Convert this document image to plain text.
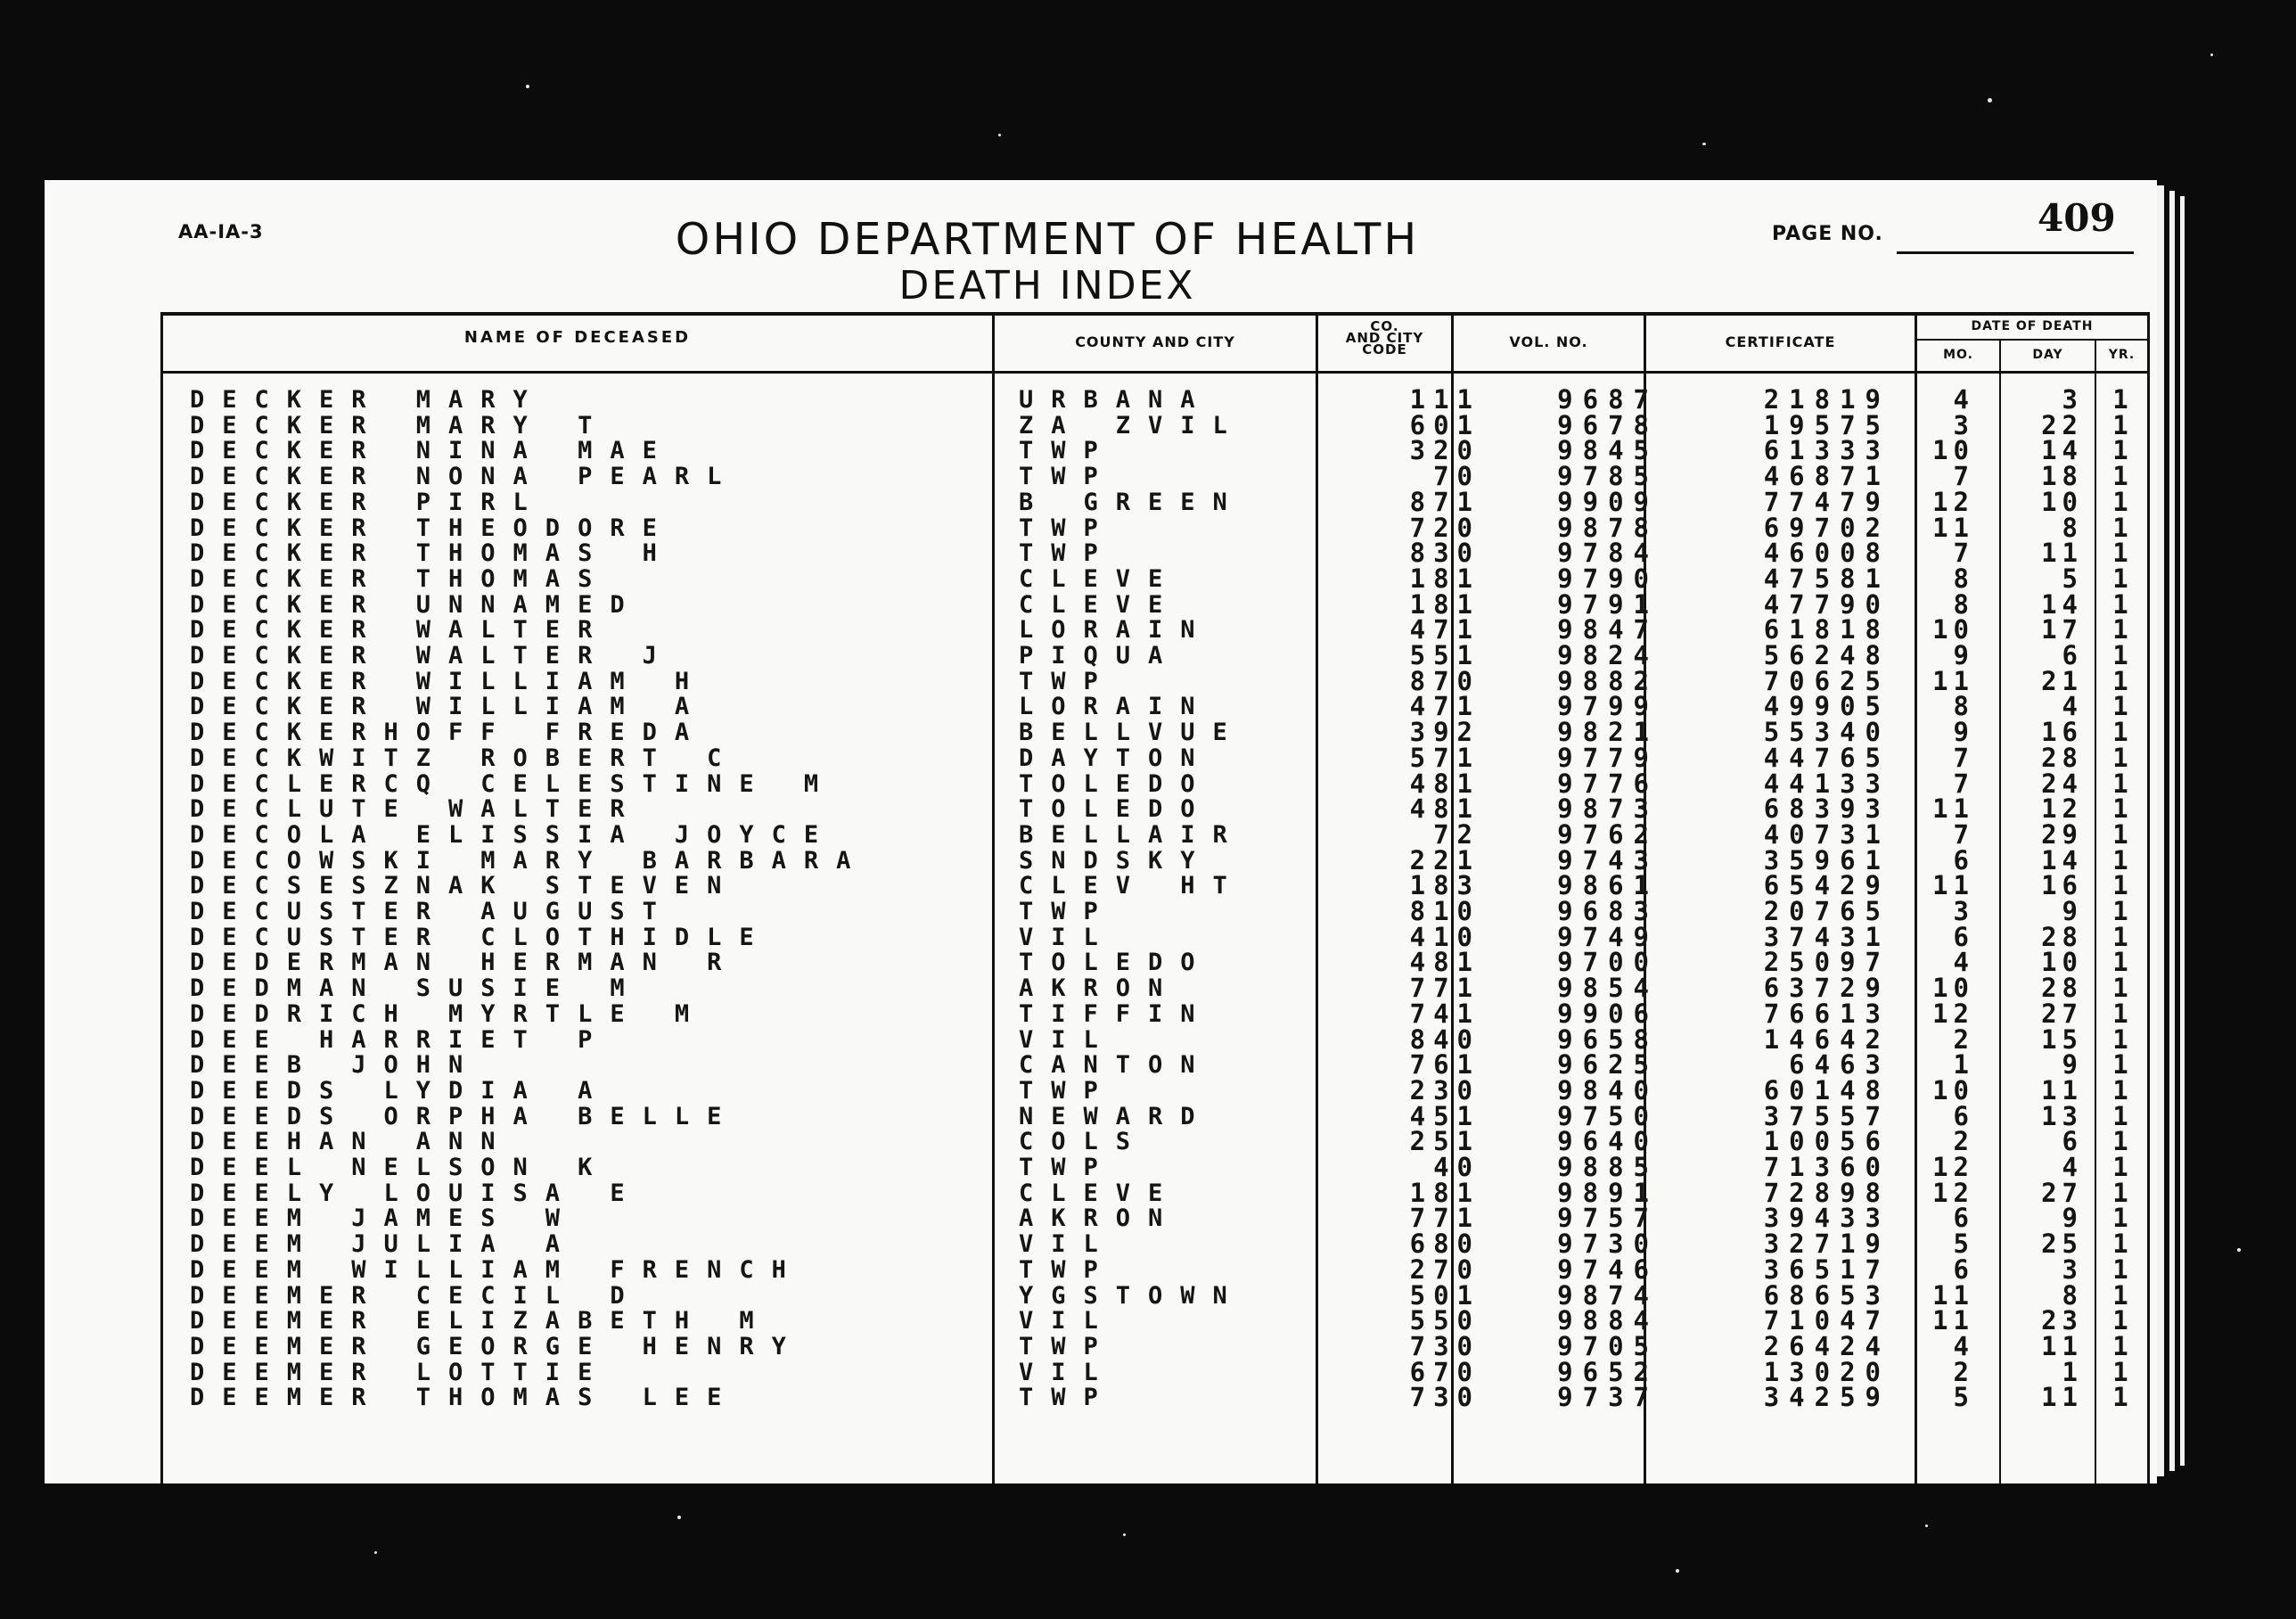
AA-IA-3	OHIO DEPARTMENT OF HEALTH
DEATH INDEX
PAGE NO.	409
NAME OF DECEASED	COUNTY AND CITY
CO.
AND CITY
CODE	VOL. NO.	CERTIFICATE
DATE OF DEATH
MO.	DAY	YR.
DECKER MARY	URBANA	111	9687	21819	4	3	1
DECKER MARY T	ZA ZVIL	601	9678	19575	3	22	1
DECKER NINA MAE	TWP	320	9845	61333	10	14	1
DECKER NONA PEARL	TWP	70	9785	46871	7	18	1
DECKER PIRL	B GREEN	871	9909	77479	12	10	1
DECKER THEODORE	TWP	720	9878	69702	11	8	1
DECKER THOMAS H	TWP	830	9784	46008	7	11	1
DECKER THOMAS	CLEVE	181	9790	47581	8	5	1
DECKER UNNAMED	CLEVE	181	9791	47790	8	14	1
DECKER WALTER	LORAIN	471	9847	61818	10	17	1
DECKER WALTER J	PIQUA	551	9824	56248	9	6	1
DECKER WILLIAM H	TWP	870	9882	70625	11	21	1
DECKER WILLIAM A	LORAIN	471	9799	49905	8	4	1
DECKERHOFF FREDA	BELLVUE	392	9821	55340	9	16	1
DECKWITZ ROBERT C	DAYTON	571	9779	44765	7	28	1
DECLERCQ CELESTINE M	TOLEDO	481	9776	44133	7	24	1
DECLUTE WALTER	TOLEDO	481	9873	68393	11	12	1
DECOLA ELISSIA JOYCE	BELLAIR	72	9762	40731	7	29	1
DECOWSKI MARY BARBARA	SNDSKY	221	9743	35961	6	14	1
DECSESZNAK STEVEN	CLEV HT	183	9861	65429	11	16	1
DECUSTER AUGUST	TWP	810	9683	20765	3	9	1
DECUSTER CLOTHIDLE	VIL	410	9749	37431	6	28	1
DEDERMAN HERMAN R	TOLEDO	481	9700	25097	4	10	1
DEDMAN SUSIE M	AKRON	771	9854	63729	10	28	1
DEDRICH MYRTLE M	TIFFIN	741	9906	76613	12	27	1
DEE HARRIET P	VIL	840	9658	14642	2	15	1
DEEB JOHN	CANTON	761	9625	6463	1	9	1
DEEDS LYDIA A	TWP	230	9840	60148	10	11	1
DEEDS ORPHA BELLE	NEWARD	451	9750	37557	6	13	1
DEEHAN ANN	COLS	251	9640	10056	2	6	1
DEEL NELSON K	TWP	40	9885	71360	12	4	1
DEELY LOUISA E	CLEVE	181	9891	72898	12	27	1
DEEM JAMES W	AKRON	771	9757	39433	6	9	1
DEEM JULIA A	VIL	680	9730	32719	5	25	1
DEEM WILLIAM FRENCH	TWP	270	9746	36517	6	3	1
DEEMER CECIL D	YGSTOWN	501	9874	68653	11	8	1
DEEMER ELIZABETH M	VIL	550	9884	71047	11	23	1
DEEMER GEORGE HENRY	TWP	730	9705	26424	4	11	1
DEEMER LOTTIE	VIL	670	9652	13020	2	1	1
DEEMER THOMAS LEE	TWP	730	9737	34259	5	11	1
